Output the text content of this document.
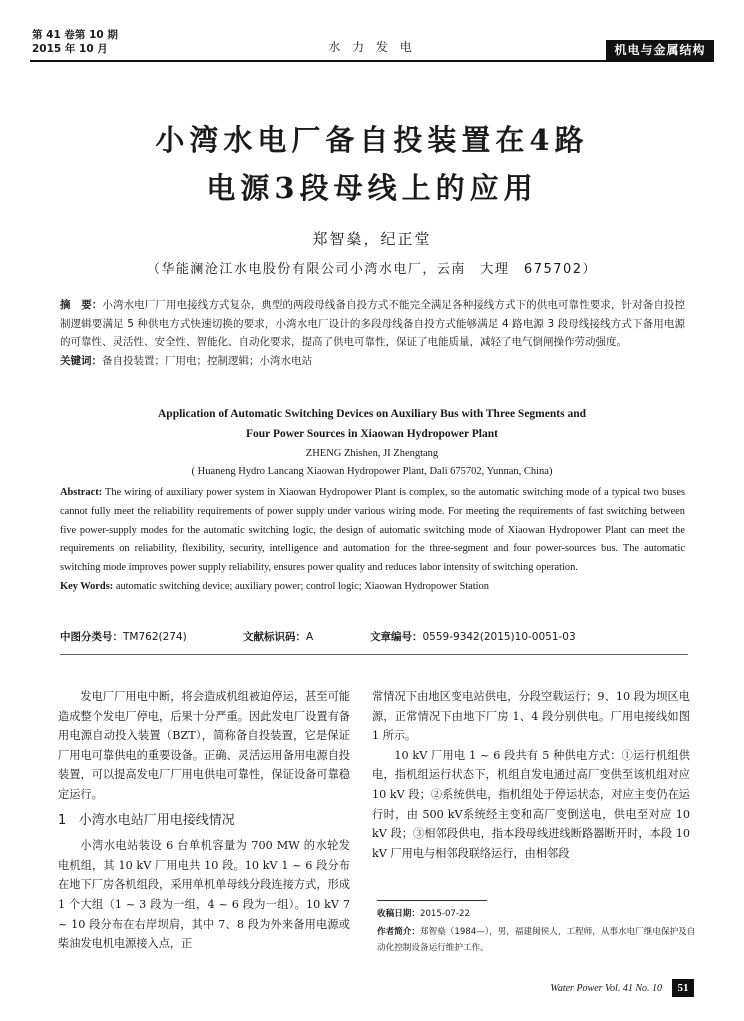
第 41 卷第 10 期
2015 年 10 月	水 力 发 电	机电与金属结构
小湾水电厂备自投装置在4路
电源3段母线上的应用
郑智燊，纪正堂
（华能澜沧江水电股份有限公司小湾水电厂，云南　大理　675702）
摘　要：小湾水电厂厂用电接线方式复杂，典型的两段母线备自投方式不能完全满足各种接线方式下的供电可靠性要求，针对备自投控制逻辑要满足 5 种供电方式快速切换的要求，小湾水电厂设计的多段母线备自投方式能够满足 4 路电源 3 段母线接线方式下备用电源的可靠性、灵活性、安全性、智能化、自动化要求，提高了供电可靠性，保证了电能质量，减轻了电气倒闸操作劳动强度。
关键词：备自投装置；厂用电；控制逻辑；小湾水电站
Application of Automatic Switching Devices on Auxiliary Bus with Three Segments and
Four Power Sources in Xiaowan Hydropower Plant
ZHENG Zhishen, JI Zhengtang
( Huaneng Hydro Lancang Xiaowan Hydropower Plant, Dali 675702, Yunnan, China)
Abstract: The wiring of auxiliary power system in Xiaowan Hydropower Plant is complex, so the automatic switching mode of a typical two buses cannot fully meet the reliability requirements of power supply under various wiring mode. For meeting the requirements of fast switching between five power-supply modes for the automatic switching logic, the design of automatic switching mode of Xiaowan Hydropower Plant can meet the requirements on reliability, flexibility, security, intelligence and automation for the three-segment and four power-sources bus. The automatic switching mode improves power supply reliability, ensures power quality and reduces labor intensity of switching operation.
Key Words: automatic switching device; auxiliary power; control logic; Xiaowan Hydropower Station
中图分类号：TM762(274)	文献标识码：A	文章编号：0559-9342(2015)10-0051-03

发电厂厂用电中断，将会造成机组被迫停运，甚至可能造成整个发电厂停电，后果十分严重。因此发电厂设置有备用电源自动投入装置（BZT），简称备自投装置，它是保证厂用电可靠供电的重要设备。正确、灵活运用备用电源自投装置，可以提高发电厂厂用电供电可靠性，保证设备可靠稳定运行。

1 小湾水电站厂用电接线情况

小湾水电站装设 6 台单机容量为 700 MW 的水轮发电机组，其 10 kV 厂用电共 10 段。10 kV 1 ~ 6 段分布在地下厂房各机组段，采用单机单母线分段连接方式，形成 1 个大组（1 ~ 3 段为一组，4 ~ 6 段为一组）。10 kV 7 ~ 10 段分布在右岸坝肩，其中 7、8 段为外来备用电源或柴油发电机电源接入点，正

常情况下由地区变电站供电，分段空载运行；9、10 段为坝区电源，正常情况下由地下厂房 1、4 段分别供电。厂用电接线如图 1 所示。

10 kV 厂用电 1 ~ 6 段共有 5 种供电方式：①运行机组供电，指机组运行状态下，机组自发电通过高厂变供至该机组对应 10 kV 段；②系统供电，指机组处于停运状态，对应主变仍在运行时，由 500 kV系统经主变和高厂变倒送电，供电至对应 10 kV 段；③相邻段供电，指本段母线进线断路器断开时，本段 10 kV 厂用电与相邻段联络运行，由相邻段

收稿日期：2015-07-22
作者简介：郑智燊（1984—），男，福建闽侯人，工程师，从事水电厂继电保护及自动化控制设备运行维护工作。
Water Power Vol. 41 No. 10	51
